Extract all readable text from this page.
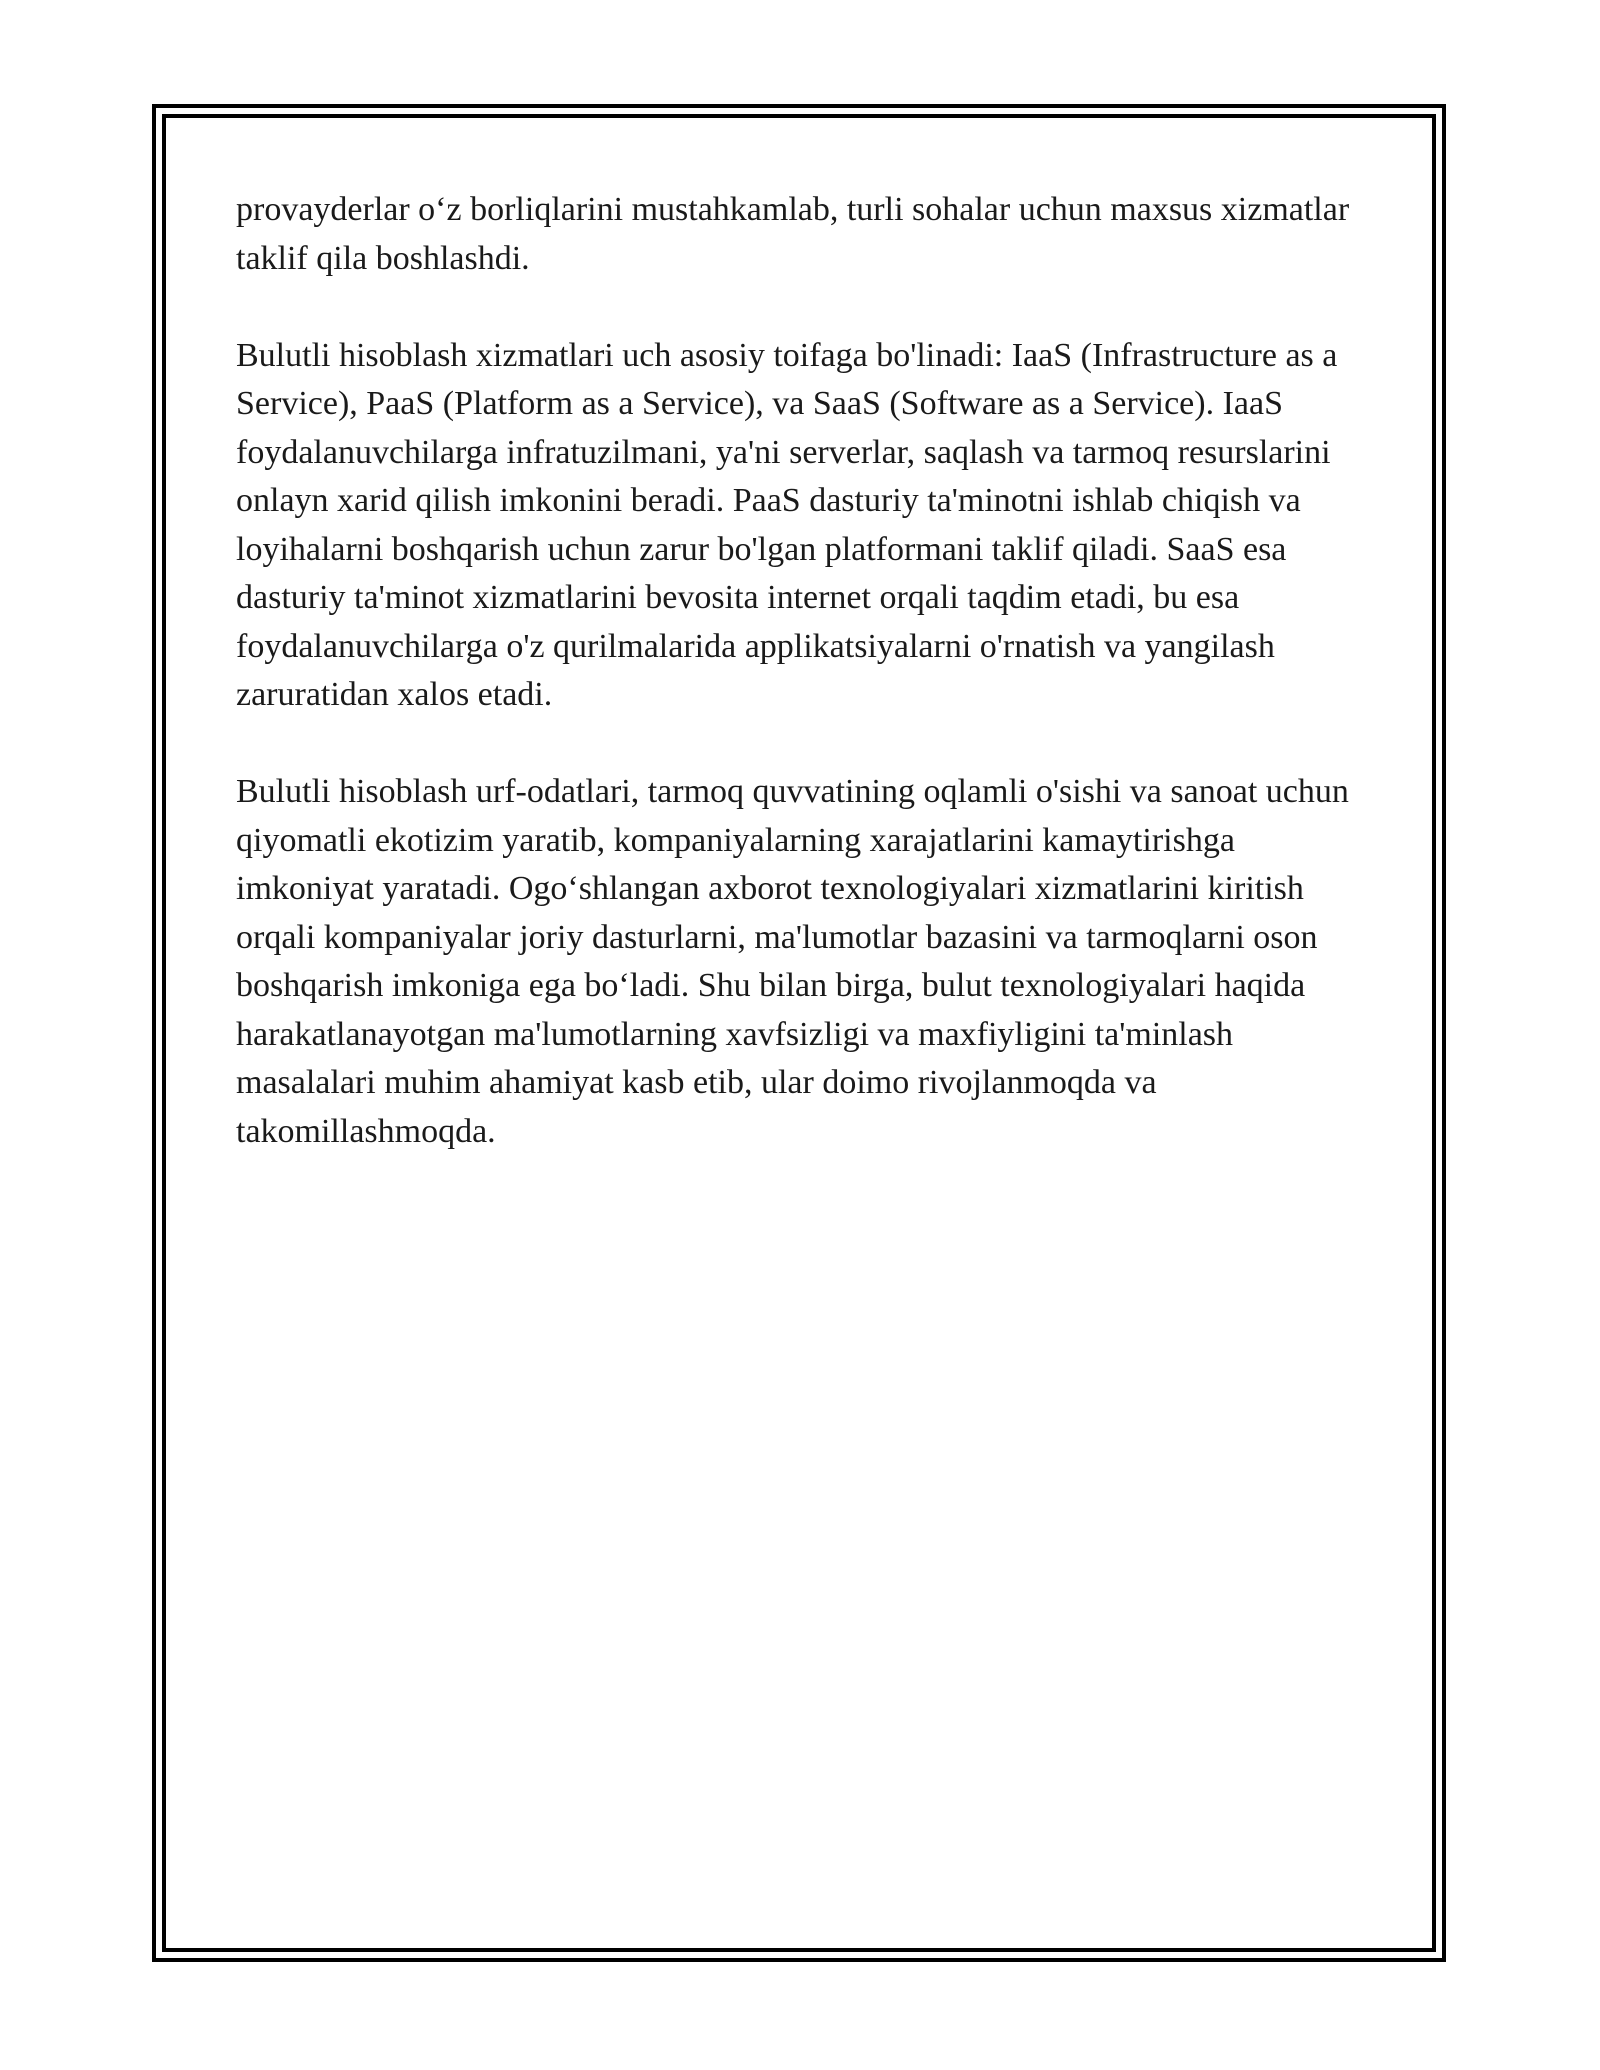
provayderlar o‘z borliqlarini mustahkamlab, turli sohalar uchun maxsus xizmatlar taklif qila boshlashdi.

Bulutli hisoblash xizmatlari uch asosiy toifaga bo'linadi: IaaS (Infrastructure as a Service), PaaS (Platform as a Service), va SaaS (Software as a Service). IaaS foydalanuvchilarga infratuzilmani, ya'ni serverlar, saqlash va tarmoq resurslarini onlayn xarid qilish imkonini beradi. PaaS dasturiy ta'minotni ishlab chiqish va loyihalarni boshqarish uchun zarur bo'lgan platformani taklif qiladi. SaaS esa dasturiy ta'minot xizmatlarini bevosita internet orqali taqdim etadi, bu esa foydalanuvchilarga o'z qurilmalarida applikatsiyalarni o'rnatish va yangilash zaruratidan xalos etadi.

Bulutli hisoblash urf-odatlari, tarmoq quvvatining oqlamli o'sishi va sanoat uchun qiyomatli ekotizim yaratib, kompaniyalarning xarajatlarini kamaytirishga imkoniyat yaratadi. Ogo‘shlangan axborot texnologiyalari xizmatlarini kiritish orqali kompaniyalar joriy dasturlarni, ma'lumotlar bazasini va tarmoqlarni oson boshqarish imkoniga ega bo‘ladi. Shu bilan birga, bulut texnologiyalari haqida harakatlanayotgan ma'lumotlarning xavfsizligi va maxfiyligini ta'minlash masalalari muhim ahamiyat kasb etib, ular doimo rivojlanmoqda va takomillashmoqda.
